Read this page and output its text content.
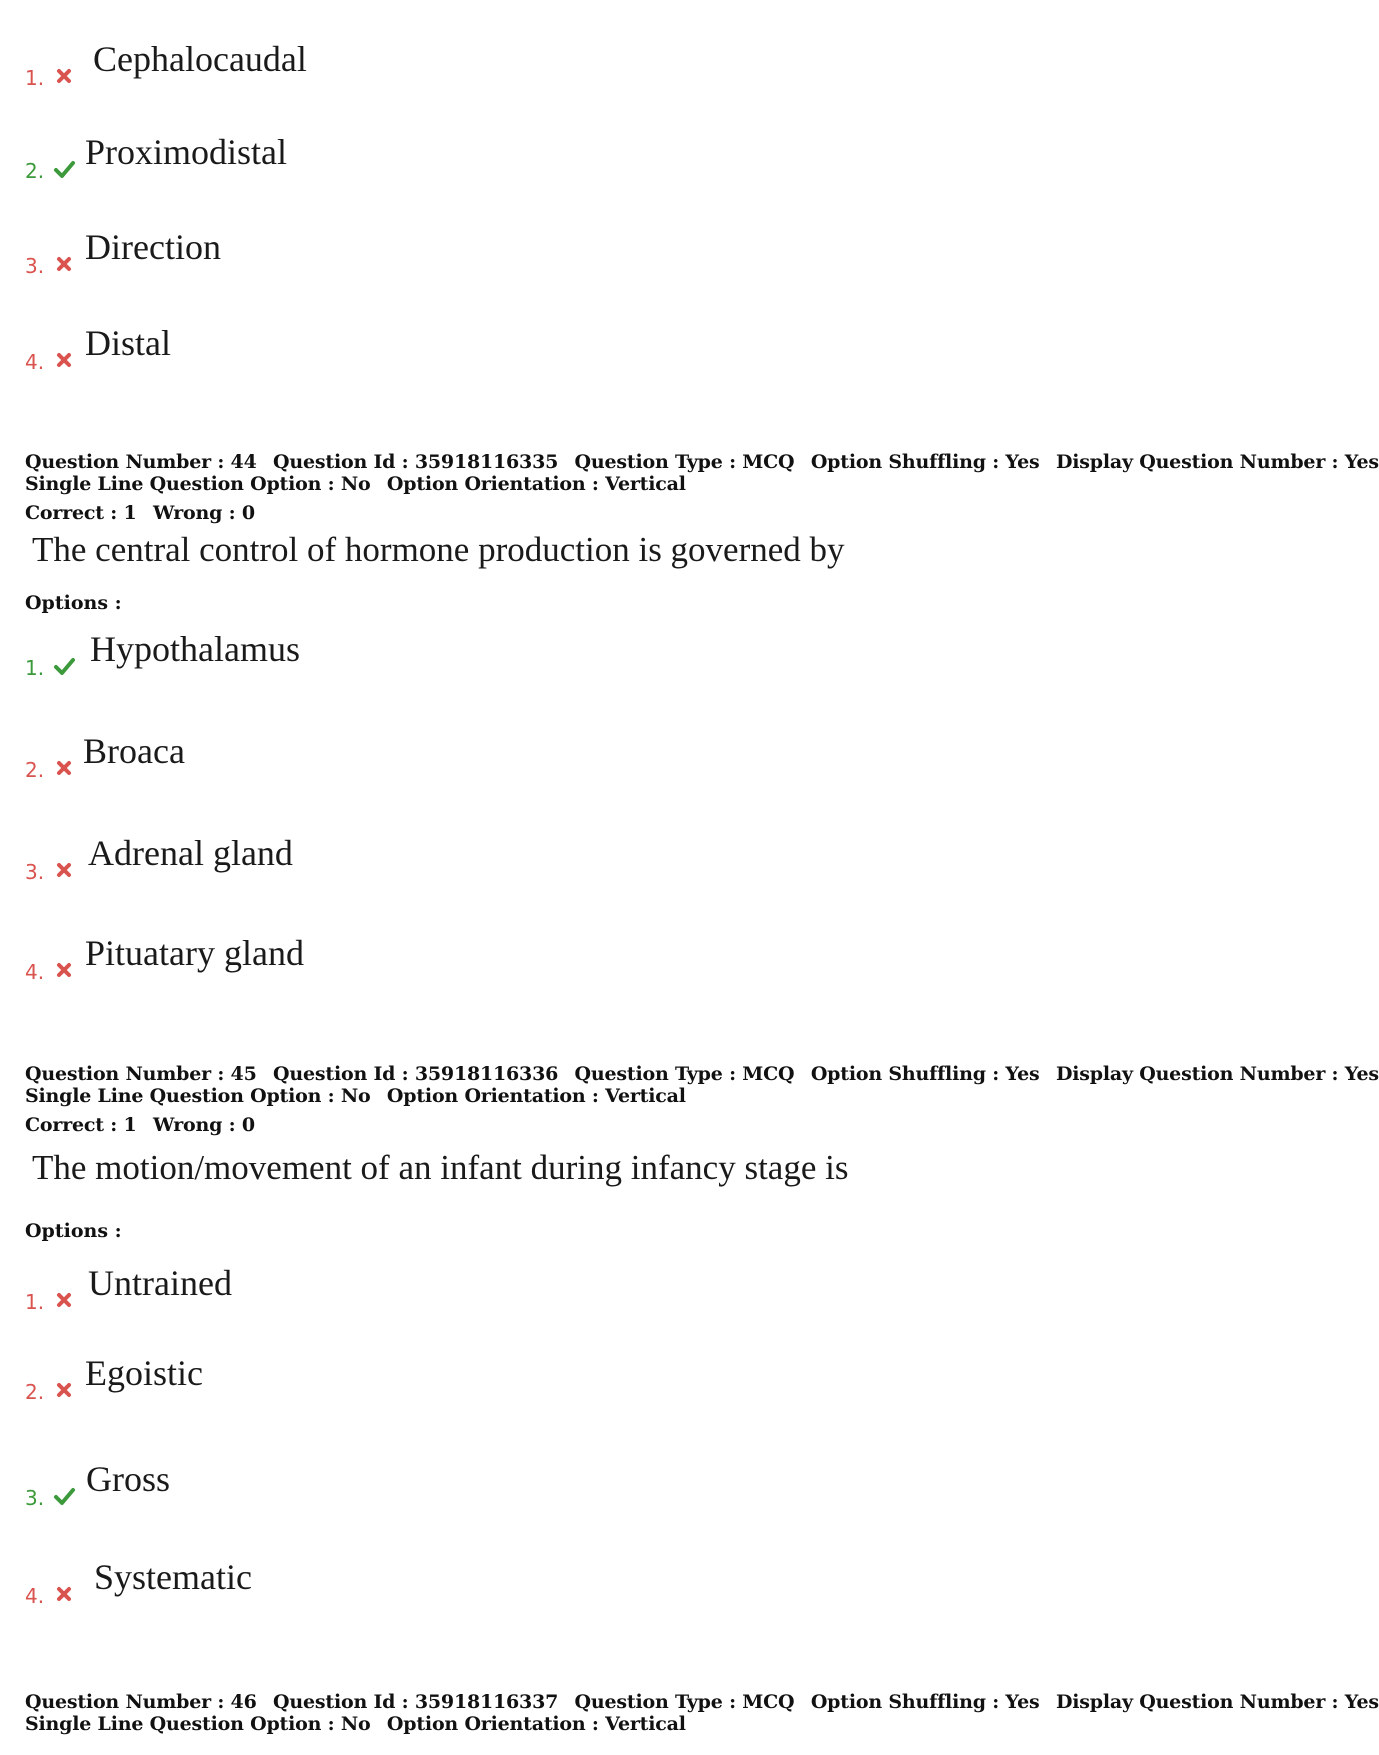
1. Cephalocaudal
2. Proximodistal
3. Direction
4. Distal
Question Number : 44 Question Id : 35918116335 Question Type : MCQ Option Shuffling : Yes Display Question Number : Yes
Single Line Question Option : No Option Orientation : Vertical
Correct : 1 Wrong : 0
The central control of hormone production is governed by
Options :
1. Hypothalamus
2. Broaca
3. Adrenal gland
4. Pituatary gland
Question Number : 45 Question Id : 35918116336 Question Type : MCQ Option Shuffling : Yes Display Question Number : Yes
Single Line Question Option : No Option Orientation : Vertical
Correct : 1 Wrong : 0
The motion/movement of an infant during infancy stage is
Options :
1. Untrained
2. Egoistic
3. Gross
4. Systematic
Question Number : 46 Question Id : 35918116337 Question Type : MCQ Option Shuffling : Yes Display Question Number : Yes
Single Line Question Option : No Option Orientation : Vertical
